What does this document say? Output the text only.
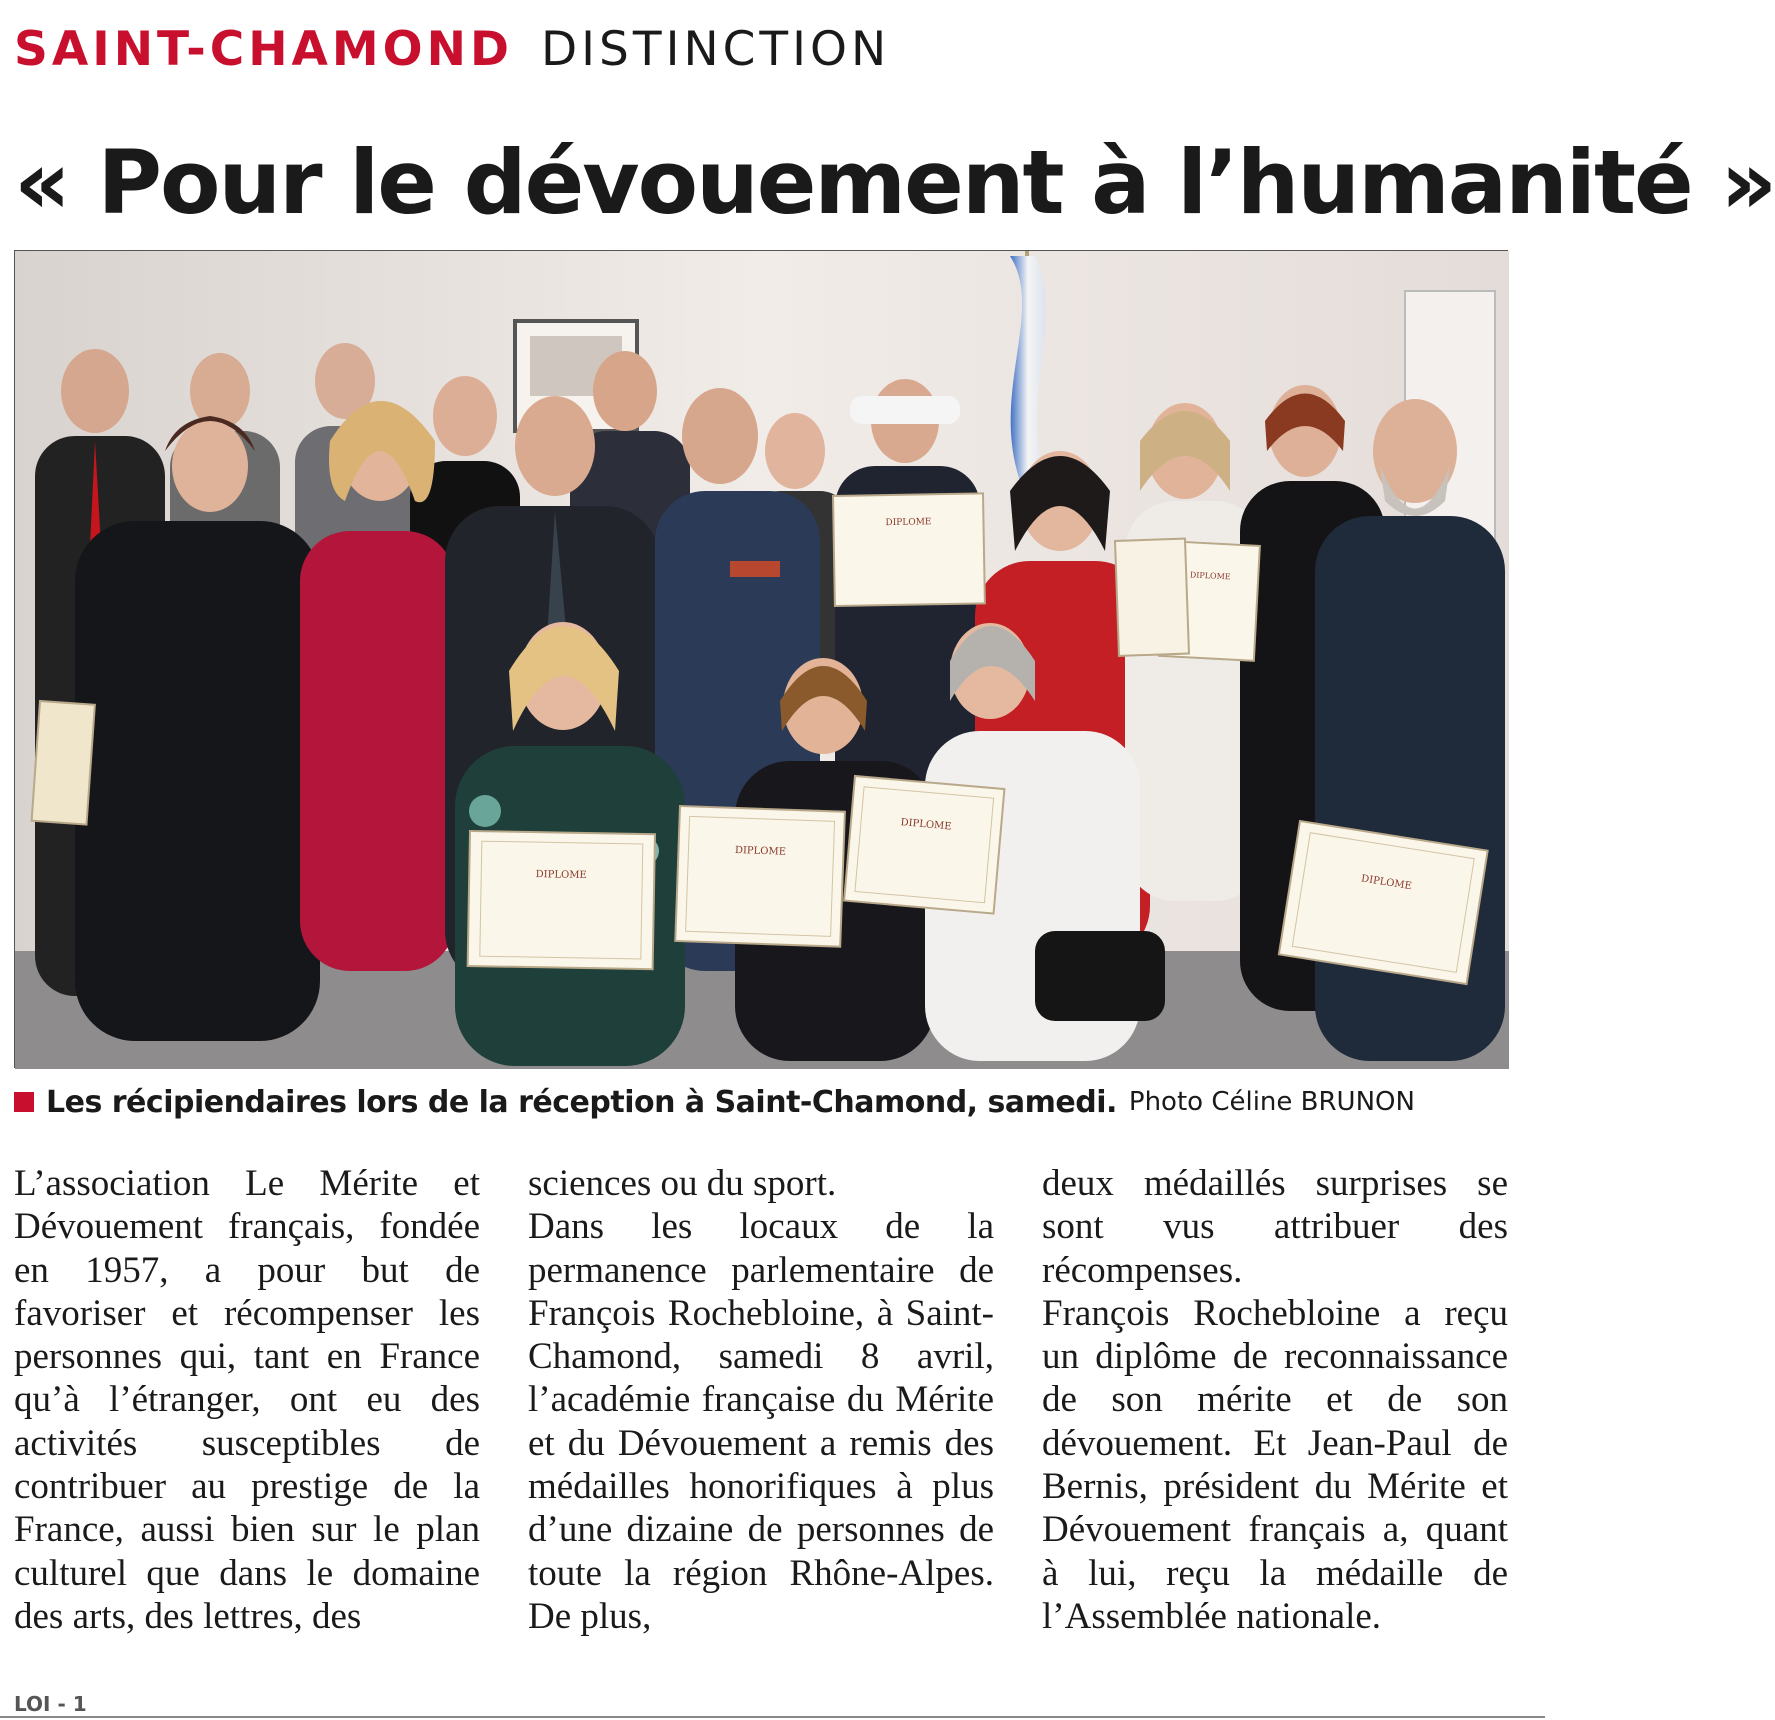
SAINT-CHAMOND DISTINCTION
« Pour le dévouement à l’humanité »
DIPLOME
DIPLOME
DIPLOME
DIPLOME
DIPLOME
DIPLOME
Les récipiendaires lors de la réception à Saint-Chamond, samedi. Photo Céline BRUNON

L’association Le Mérite et Dévouement français, fondée en 1957, a pour but de favoriser et récompenser les personnes qui, tant en France qu’à l’étranger, ont eu des activités susceptibles de contribuer au prestige de la France, aussi bien sur le plan culturel que dans le domaine des arts, des lettres, des

sciences ou du sport.

Dans les locaux de la permanence parlementaire de François Rochebloine, à Saint-Chamond, samedi 8 avril, l’académie française du Mérite et du Dévouement a remis des médailles honorifiques à plus d’une dizaine de personnes de toute la région Rhône-Alpes. De plus,

deux médaillés surprises se sont vus attribuer des récompenses.

François Rochebloine a reçu un diplôme de reconnaissance de son mérite et de son dévouement. Et Jean-Paul de Bernis, président du Mérite et Dévouement français a, quant à lui, reçu la médaille de l’Assemblée nationale.

LOI - 1
